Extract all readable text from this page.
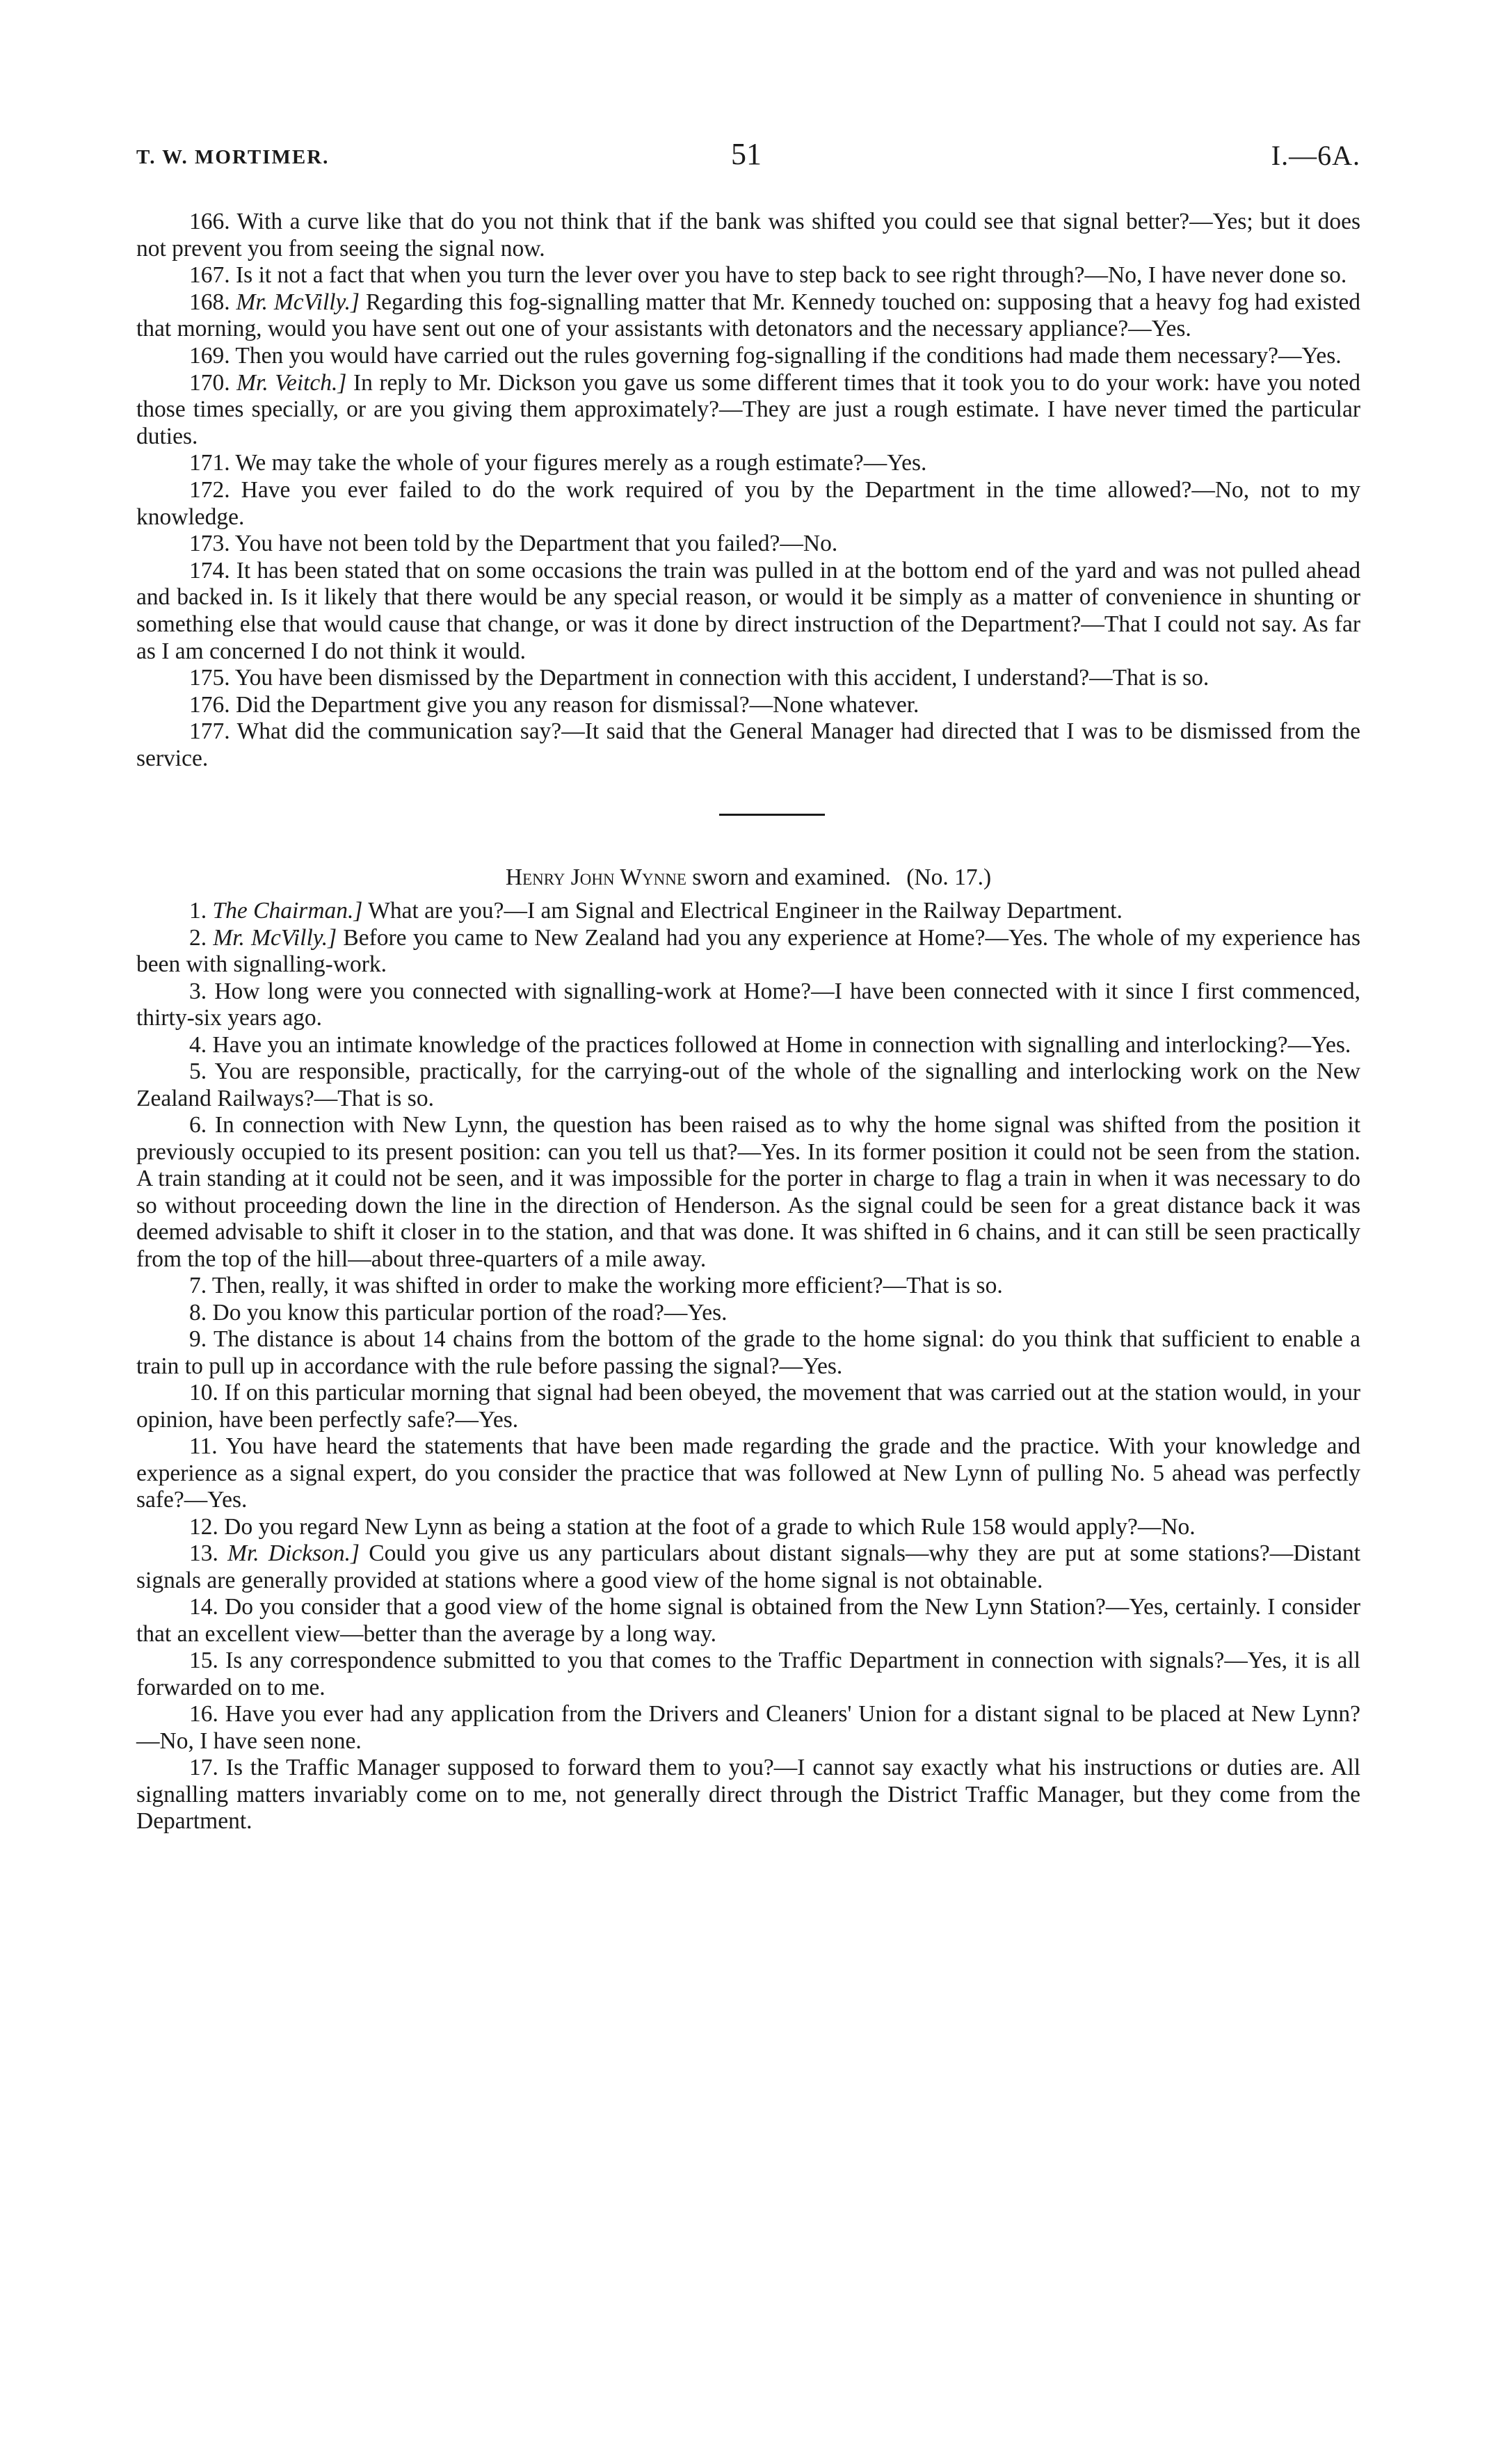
T. W. MORTIMER.	51	I.—6A.

166. With a curve like that do you not think that if the bank was shifted you could see that signal better?—Yes; but it does not prevent you from seeing the signal now.

167. Is it not a fact that when you turn the lever over you have to step back to see right through?—No, I have never done so.

168. Mr. McVilly.] Regarding this fog-signalling matter that Mr. Kennedy touched on: supposing that a heavy fog had existed that morning, would you have sent out one of your assistants with detonators and the necessary appliance?—Yes.

169. Then you would have carried out the rules governing fog-signalling if the conditions had made them necessary?—Yes.

170. Mr. Veitch.] In reply to Mr. Dickson you gave us some different times that it took you to do your work: have you noted those times specially, or are you giving them approximately?—They are just a rough estimate. I have never timed the particular duties.

171. We may take the whole of your figures merely as a rough estimate?—Yes.

172. Have you ever failed to do the work required of you by the Department in the time allowed?—No, not to my knowledge.

173. You have not been told by the Department that you failed?—No.

174. It has been stated that on some occasions the train was pulled in at the bottom end of the yard and was not pulled ahead and backed in. Is it likely that there would be any special reason, or would it be simply as a matter of convenience in shunting or something else that would cause that change, or was it done by direct instruction of the Department?—That I could not say. As far as I am concerned I do not think it would.

175. You have been dismissed by the Department in connection with this accident, I understand?—That is so.

176. Did the Department give you any reason for dismissal?—None whatever.

177. What did the communication say?—It said that the General Manager had directed that I was to be dismissed from the service.

Henry John Wynne sworn and examined. (No. 17.)

1. The Chairman.] What are you?—I am Signal and Electrical Engineer in the Railway Department.

2. Mr. McVilly.] Before you came to New Zealand had you any experience at Home?—Yes. The whole of my experience has been with signalling-work.

3. How long were you connected with signalling-work at Home?—I have been connected with it since I first commenced, thirty-six years ago.

4. Have you an intimate knowledge of the practices followed at Home in connection with signalling and interlocking?—Yes.

5. You are responsible, practically, for the carrying-out of the whole of the signalling and interlocking work on the New Zealand Railways?—That is so.

6. In connection with New Lynn, the question has been raised as to why the home signal was shifted from the position it previously occupied to its present position: can you tell us that?—Yes. In its former position it could not be seen from the station. A train standing at it could not be seen, and it was impossible for the porter in charge to flag a train in when it was necessary to do so without proceeding down the line in the direction of Henderson. As the signal could be seen for a great distance back it was deemed advisable to shift it closer in to the station, and that was done. It was shifted in 6 chains, and it can still be seen practically from the top of the hill—about three-quarters of a mile away.

7. Then, really, it was shifted in order to make the working more efficient?—That is so.

8. Do you know this particular portion of the road?—Yes.

9. The distance is about 14 chains from the bottom of the grade to the home signal: do you think that sufficient to enable a train to pull up in accordance with the rule before passing the signal?—Yes.

10. If on this particular morning that signal had been obeyed, the movement that was carried out at the station would, in your opinion, have been perfectly safe?—Yes.

11. You have heard the statements that have been made regarding the grade and the practice. With your knowledge and experience as a signal expert, do you consider the practice that was followed at New Lynn of pulling No. 5 ahead was perfectly safe?—Yes.

12. Do you regard New Lynn as being a station at the foot of a grade to which Rule 158 would apply?—No.

13. Mr. Dickson.] Could you give us any particulars about distant signals—why they are put at some stations?—Distant signals are generally provided at stations where a good view of the home signal is not obtainable.

14. Do you consider that a good view of the home signal is obtained from the New Lynn Station?—Yes, certainly. I consider that an excellent view—better than the average by a long way.

15. Is any correspondence submitted to you that comes to the Traffic Department in connection with signals?—Yes, it is all forwarded on to me.

16. Have you ever had any application from the Drivers and Cleaners' Union for a distant signal to be placed at New Lynn?—No, I have seen none.

17. Is the Traffic Manager supposed to forward them to you?—I cannot say exactly what his instructions or duties are. All signalling matters invariably come on to me, not generally direct through the District Traffic Manager, but they come from the Department.
